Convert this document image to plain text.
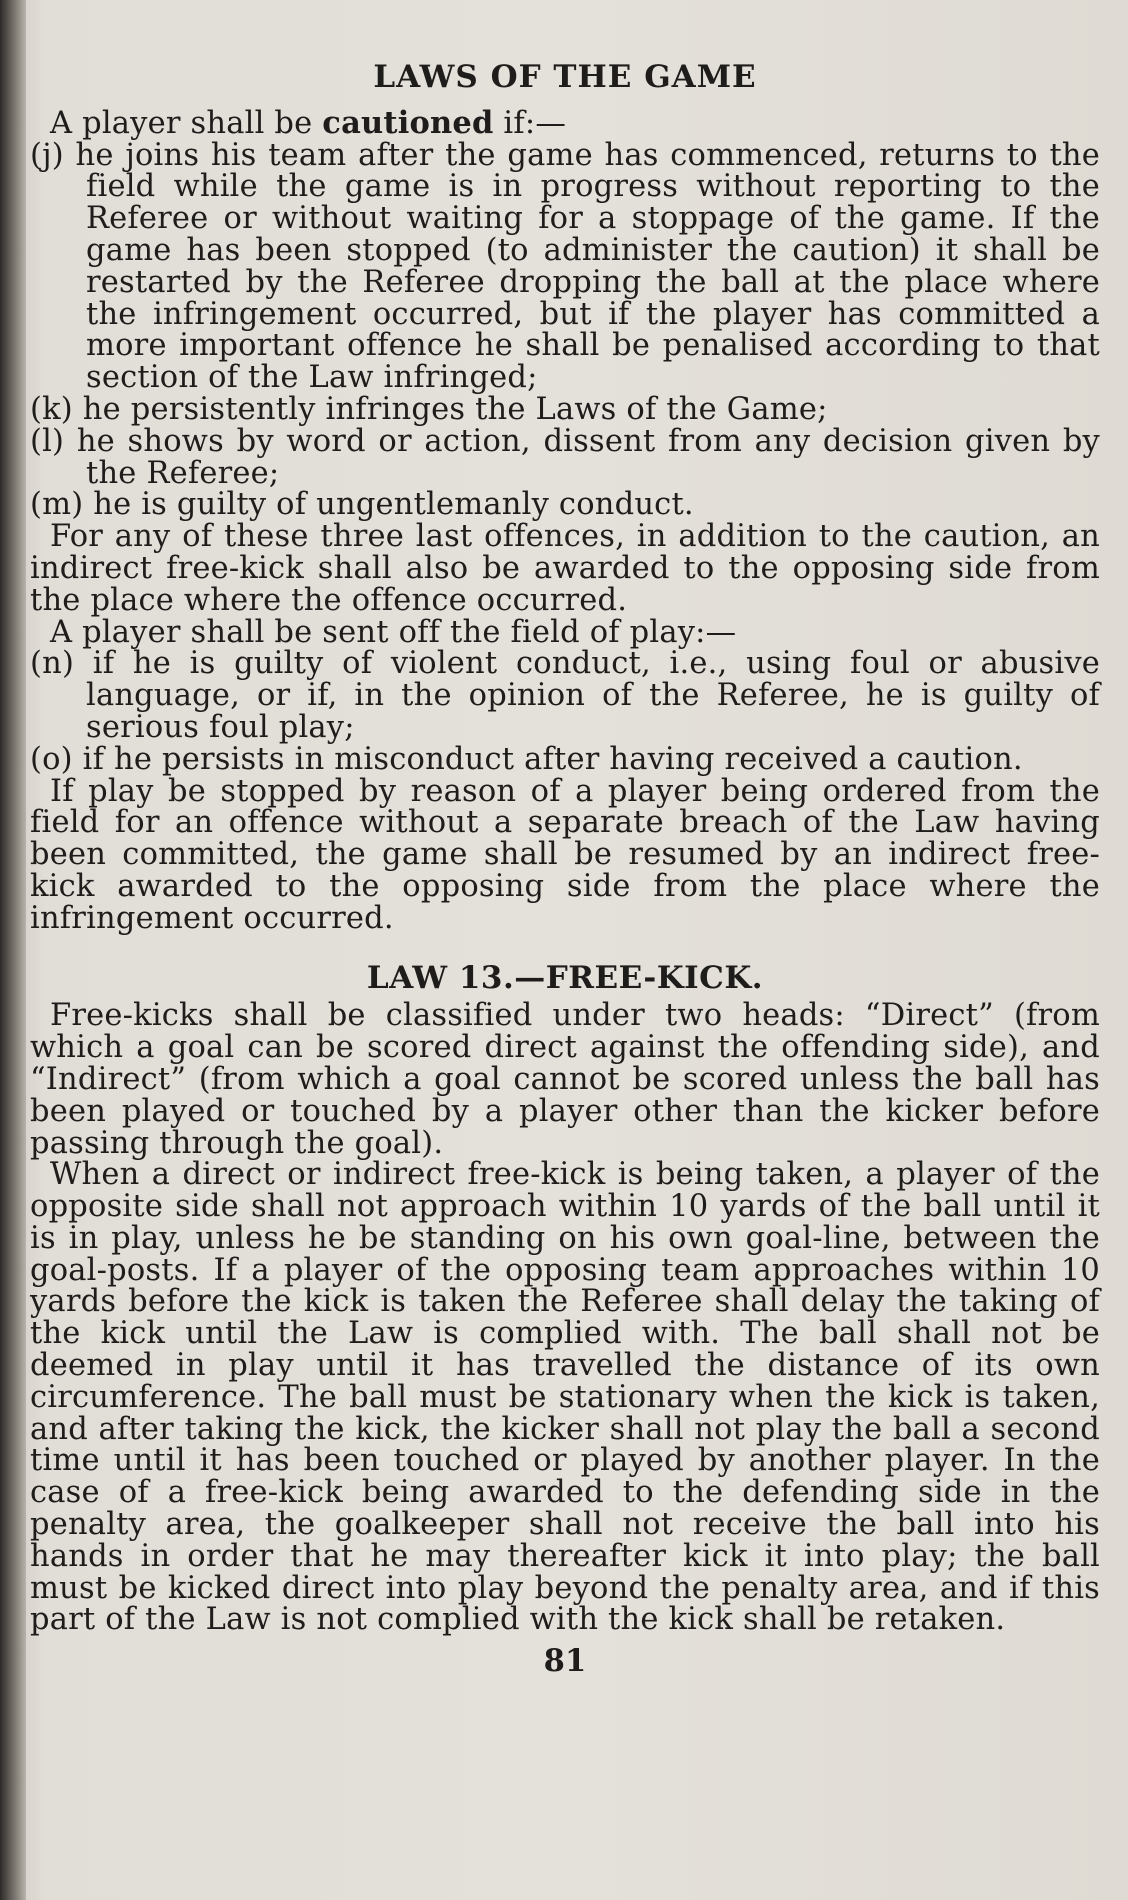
LAWS OF THE GAME

A player shall be cautioned if:—

(j) he joins his team after the game has commenced, returns to the field while the game is in progress without reporting to the Referee or without waiting for a stoppage of the game. If the game has been stopped (to administer the caution) it shall be restarted by the Referee dropping the ball at the place where the infringement occurred, but if the player has committed a more important offence he shall be penalised according to that section of the Law infringed;

(k) he persistently infringes the Laws of the Game;

(l) he shows by word or action, dissent from any decision given by the Referee;

(m) he is guilty of ungentlemanly conduct.

For any of these three last offences, in addition to the caution, an indirect free-kick shall also be awarded to the opposing side from the place where the offence occurred.

A player shall be sent off the field of play:—

(n) if he is guilty of violent conduct, i.e., using foul or abusive language, or if, in the opinion of the Referee, he is guilty of serious foul play;

(o) if he persists in misconduct after having received a caution.

If play be stopped by reason of a player being ordered from the field for an offence without a separate breach of the Law having been committed, the game shall be resumed by an indirect free-kick awarded to the opposing side from the place where the infringement occurred.

LAW 13.—FREE-KICK.

Free-kicks shall be classified under two heads: “Direct” (from which a goal can be scored direct against the offending side), and “Indirect” (from which a goal cannot be scored unless the ball has been played or touched by a player other than the kicker before passing through the goal).

When a direct or indirect free-kick is being taken, a player of the opposite side shall not approach within 10 yards of the ball until it is in play, unless he be standing on his own goal-line, between the goal-posts. If a player of the opposing team approaches within 10 yards before the kick is taken the Referee shall delay the taking of the kick until the Law is complied with. The ball shall not be deemed in play until it has travelled the distance of its own circumference. The ball must be stationary when the kick is taken, and after taking the kick, the kicker shall not play the ball a second time until it has been touched or played by another player. In the case of a free-kick being awarded to the defending side in the penalty area, the goalkeeper shall not receive the ball into his hands in order that he may thereafter kick it into play; the ball must be kicked direct into play beyond the penalty area, and if this part of the Law is not complied with the kick shall be retaken.

81
